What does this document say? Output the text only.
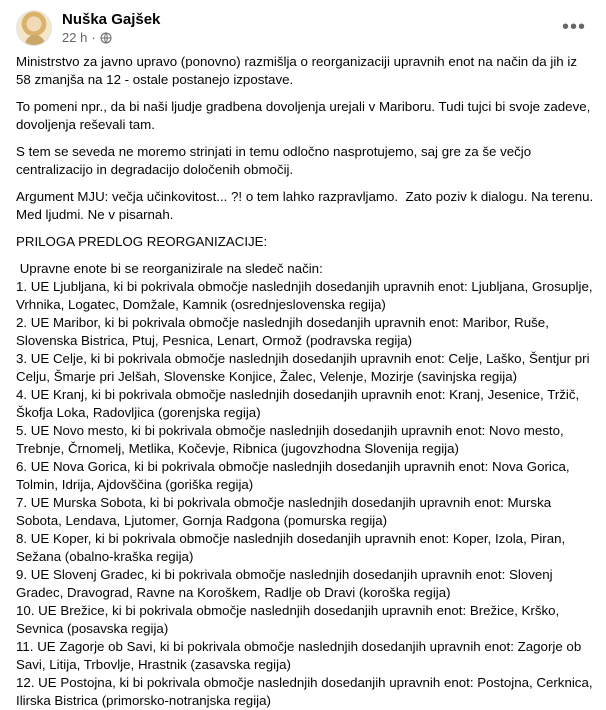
Nuška Gajšek
22 h ·	•••

Ministrstvo za javno upravo (ponovno) razmišlja o reorganizaciji upravnih enot na način da jih iz 58 zmanjša na 12 - ostale postanejo izpostave.

To pomeni npr., da bi naši ljudje gradbena dovoljenja urejali v Mariboru. Tudi tujci bi svoje zadeve, dovoljenja reševali tam.

S tem se seveda ne moremo strinjati in temu odločno nasprotujemo, saj gre za še večjo centralizacijo in degradacijo določenih območij.

Argument MJU: večja učinkovitost... ?! o tem lahko razpravljamo.  Zato poziv k dialogu. Na terenu. Med ljudmi. Ne v pisarnah.

PRILOGA PREDLOG REORGANIZACIJE:

Upravne enote bi se reorganizirale na sledeč način:

1. UE Ljubljana, ki bi pokrivala območje naslednjih dosedanjih upravnih enot: Ljubljana, Grosuplje, Vrhnika, Logatec, Domžale, Kamnik (osrednjeslovenska regija)

2. UE Maribor, ki bi pokrivala območje naslednjih dosedanjih upravnih enot: Maribor, Ruše, Slovenska Bistrica, Ptuj, Pesnica, Lenart, Ormož (podravska regija)

3. UE Celje, ki bi pokrivala območje naslednjih dosedanjih upravnih enot: Celje, Laško, Šentjur pri Celju, Šmarje pri Jelšah, Slovenske Konjice, Žalec, Velenje, Mozirje (savinjska regija)

4. UE Kranj, ki bi pokrivala območje naslednjih dosedanjih upravnih enot: Kranj, Jesenice, Tržič, Škofja Loka, Radovljica (gorenjska regija)

5. UE Novo mesto, ki bi pokrivala območje naslednjih dosedanjih upravnih enot: Novo mesto, Trebnje, Črnomelj, Metlika, Kočevje, Ribnica (jugovzhodna Slovenija regija)

6. UE Nova Gorica, ki bi pokrivala območje naslednjih dosedanjih upravnih enot: Nova Gorica, Tolmin, Idrija, Ajdovščina (goriška regija)

7. UE Murska Sobota, ki bi pokrivala območje naslednjih dosedanjih upravnih enot: Murska Sobota, Lendava, Ljutomer, Gornja Radgona (pomurska regija)

8. UE Koper, ki bi pokrivala območje naslednjih dosedanjih upravnih enot: Koper, Izola, Piran, Sežana (obalno-kraška regija)

9. UE Slovenj Gradec, ki bi pokrivala območje naslednjih dosedanjih upravnih enot: Slovenj Gradec, Dravograd, Ravne na Koroškem, Radlje ob Dravi (koroška regija)

10. UE Brežice, ki bi pokrivala območje naslednjih dosedanjih upravnih enot: Brežice, Krško, Sevnica (posavska regija)

11. UE Zagorje ob Savi, ki bi pokrivala območje naslednjih dosedanjih upravnih enot: Zagorje ob Savi, Litija, Trbovlje, Hrastnik (zasavska regija)

12. UE Postojna, ki bi pokrivala območje naslednjih dosedanjih upravnih enot: Postojna, Cerknica, Ilirska Bistrica (primorsko-notranjska regija)
